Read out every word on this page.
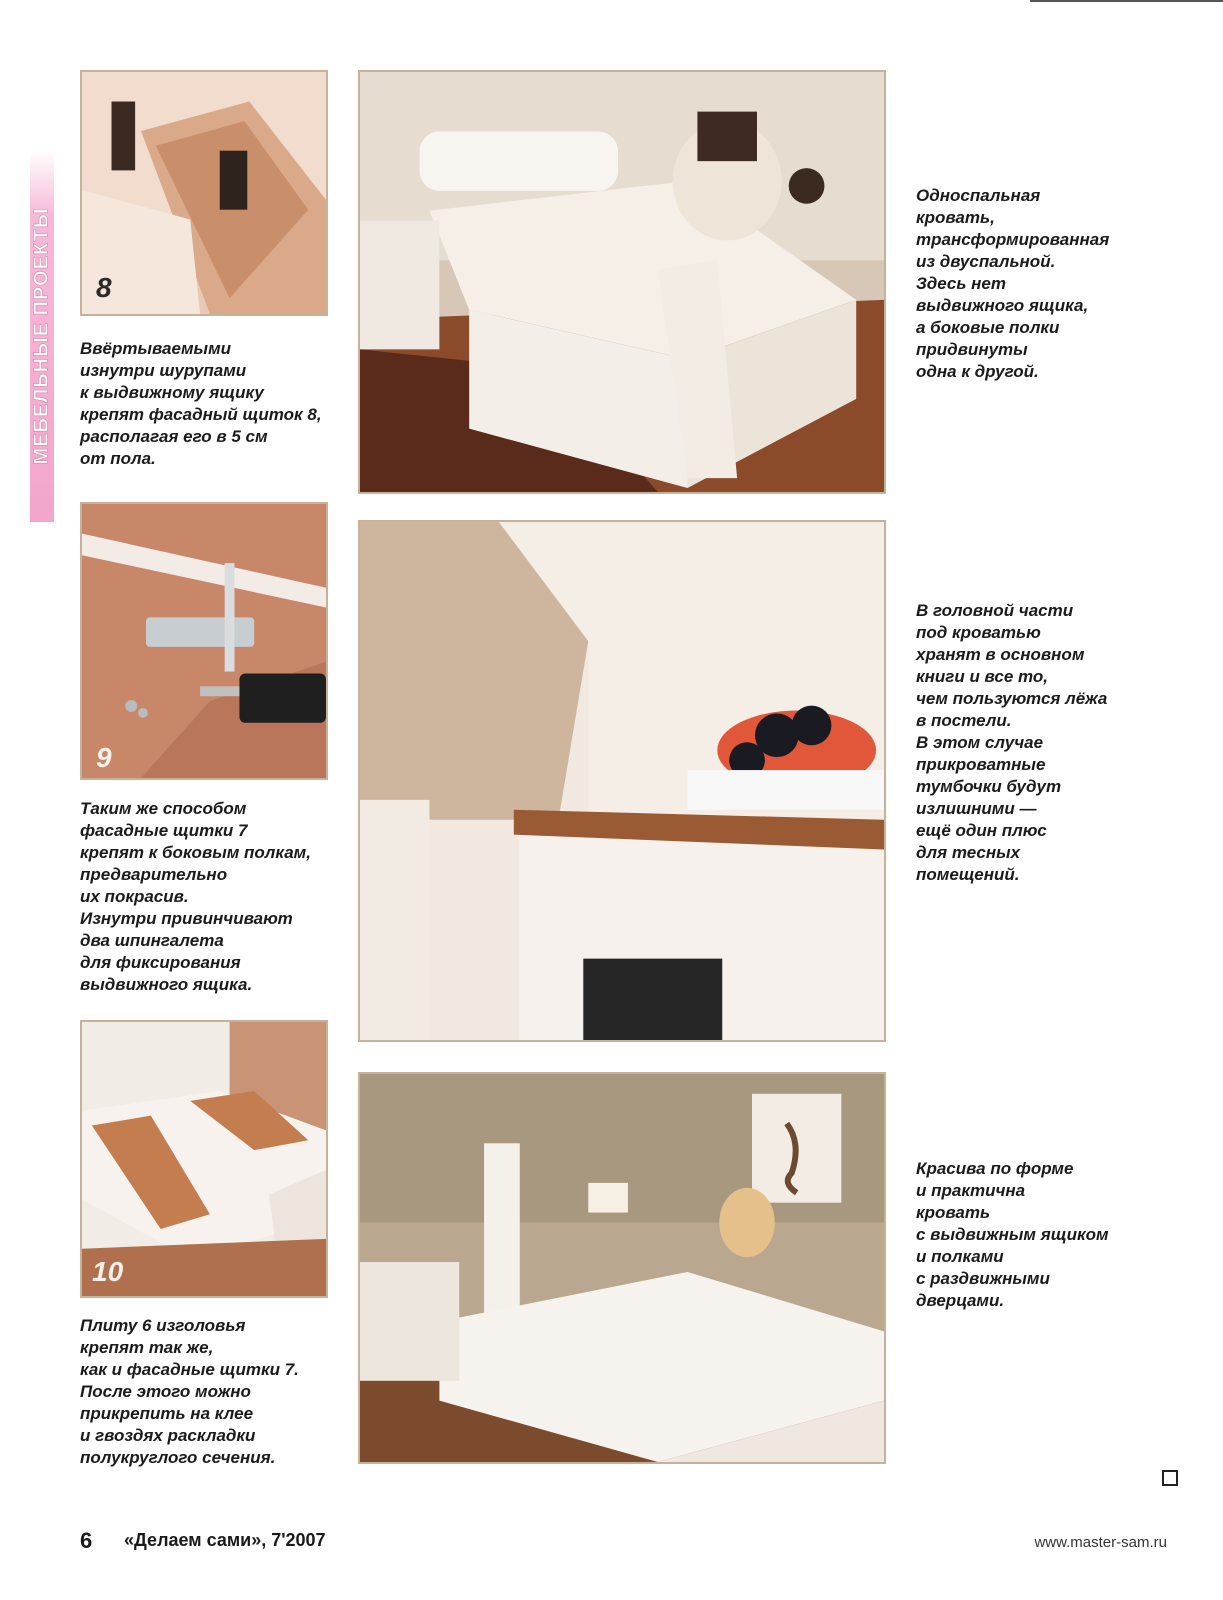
МЕБЕЛЬНЫЕ ПРОЕКТЫ 8
Ввёртываемыми
изнутри шурупами
к выдвижному ящику
крепят фасадный щиток 8,
располагая его в 5 см
от пола.
9
Таким же способом
фасадные щитки 7
крепят к боковым полкам,
предварительно
их покрасив.
Изнутри привинчивают
два шпингалета
для фиксирования
выдвижного ящика.
10
Плиту 6 изголовья
крепят так же,
как и фасадные щитки 7.
После этого можно
прикрепить на клее
и гвоздях раскладки
полукруглого сечения.
Односпальная
кровать,
трансформированная
из двуспальной.
Здесь нет
выдвижного ящика,
а боковые полки
придвинуты
одна к другой.
В головной части
под кроватью
хранят в основном
книги и все то,
чем пользуются лёжа
в постели.
В этом случае
прикроватные
тумбочки будут
излишними —
ещё один плюс
для тесных
помещений.
Красива по форме
и практична
кровать
с выдвижным ящиком
и полками
с раздвижными
дверцами.
6 «Делаем сами», 7'2007	www.master-sam.ru
